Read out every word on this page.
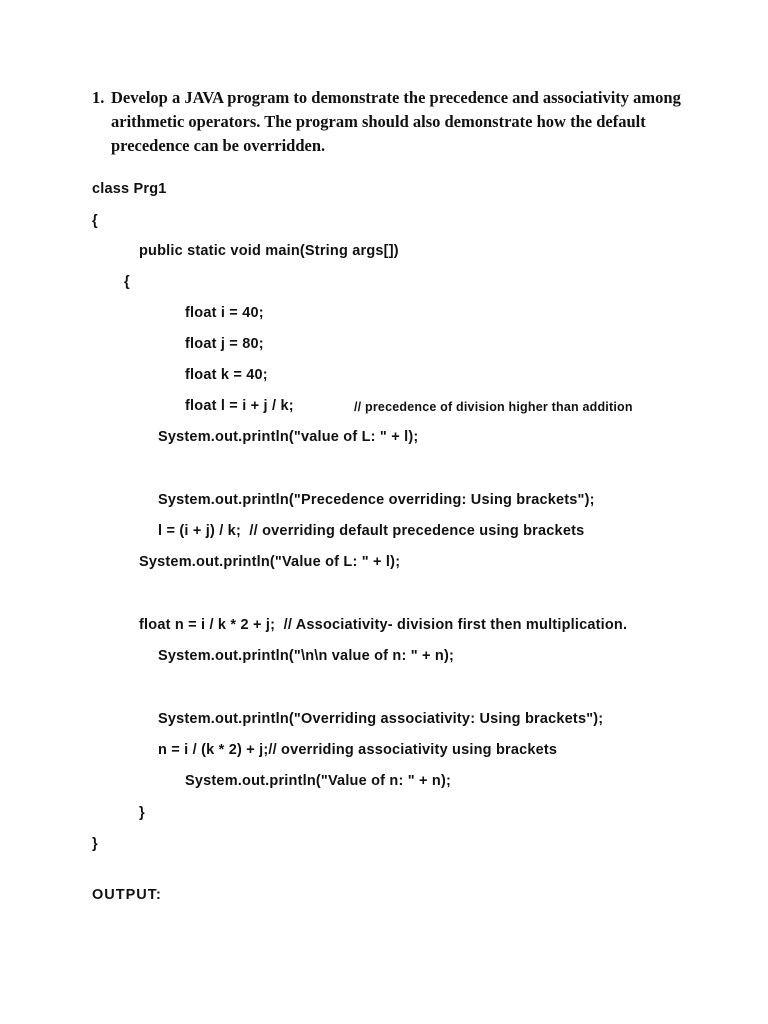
1. Develop a JAVA program to demonstrate the precedence and associativity among arithmetic operators. The program should also demonstrate how the default precedence can be overridden.
class Prg1
{
public static void main(String args[])
{
float i = 40;
float j = 80;
float k = 40;
float l = i + j / k;	// precedence of division higher than addition
System.out.println("value of L: " + l);
System.out.println("Precedence overriding: Using brackets");
l = (i + j) / k;  // overriding default precedence using brackets
System.out.println("Value of L: " + l);
float n = i / k * 2 + j;  // Associativity- division first then multiplication.
System.out.println("\n\n value of n: " + n);
System.out.println("Overriding associativity: Using brackets");
n = i / (k * 2) + j;// overriding associativity using brackets
System.out.println("Value of n: " + n);
}
}
OUTPUT:
